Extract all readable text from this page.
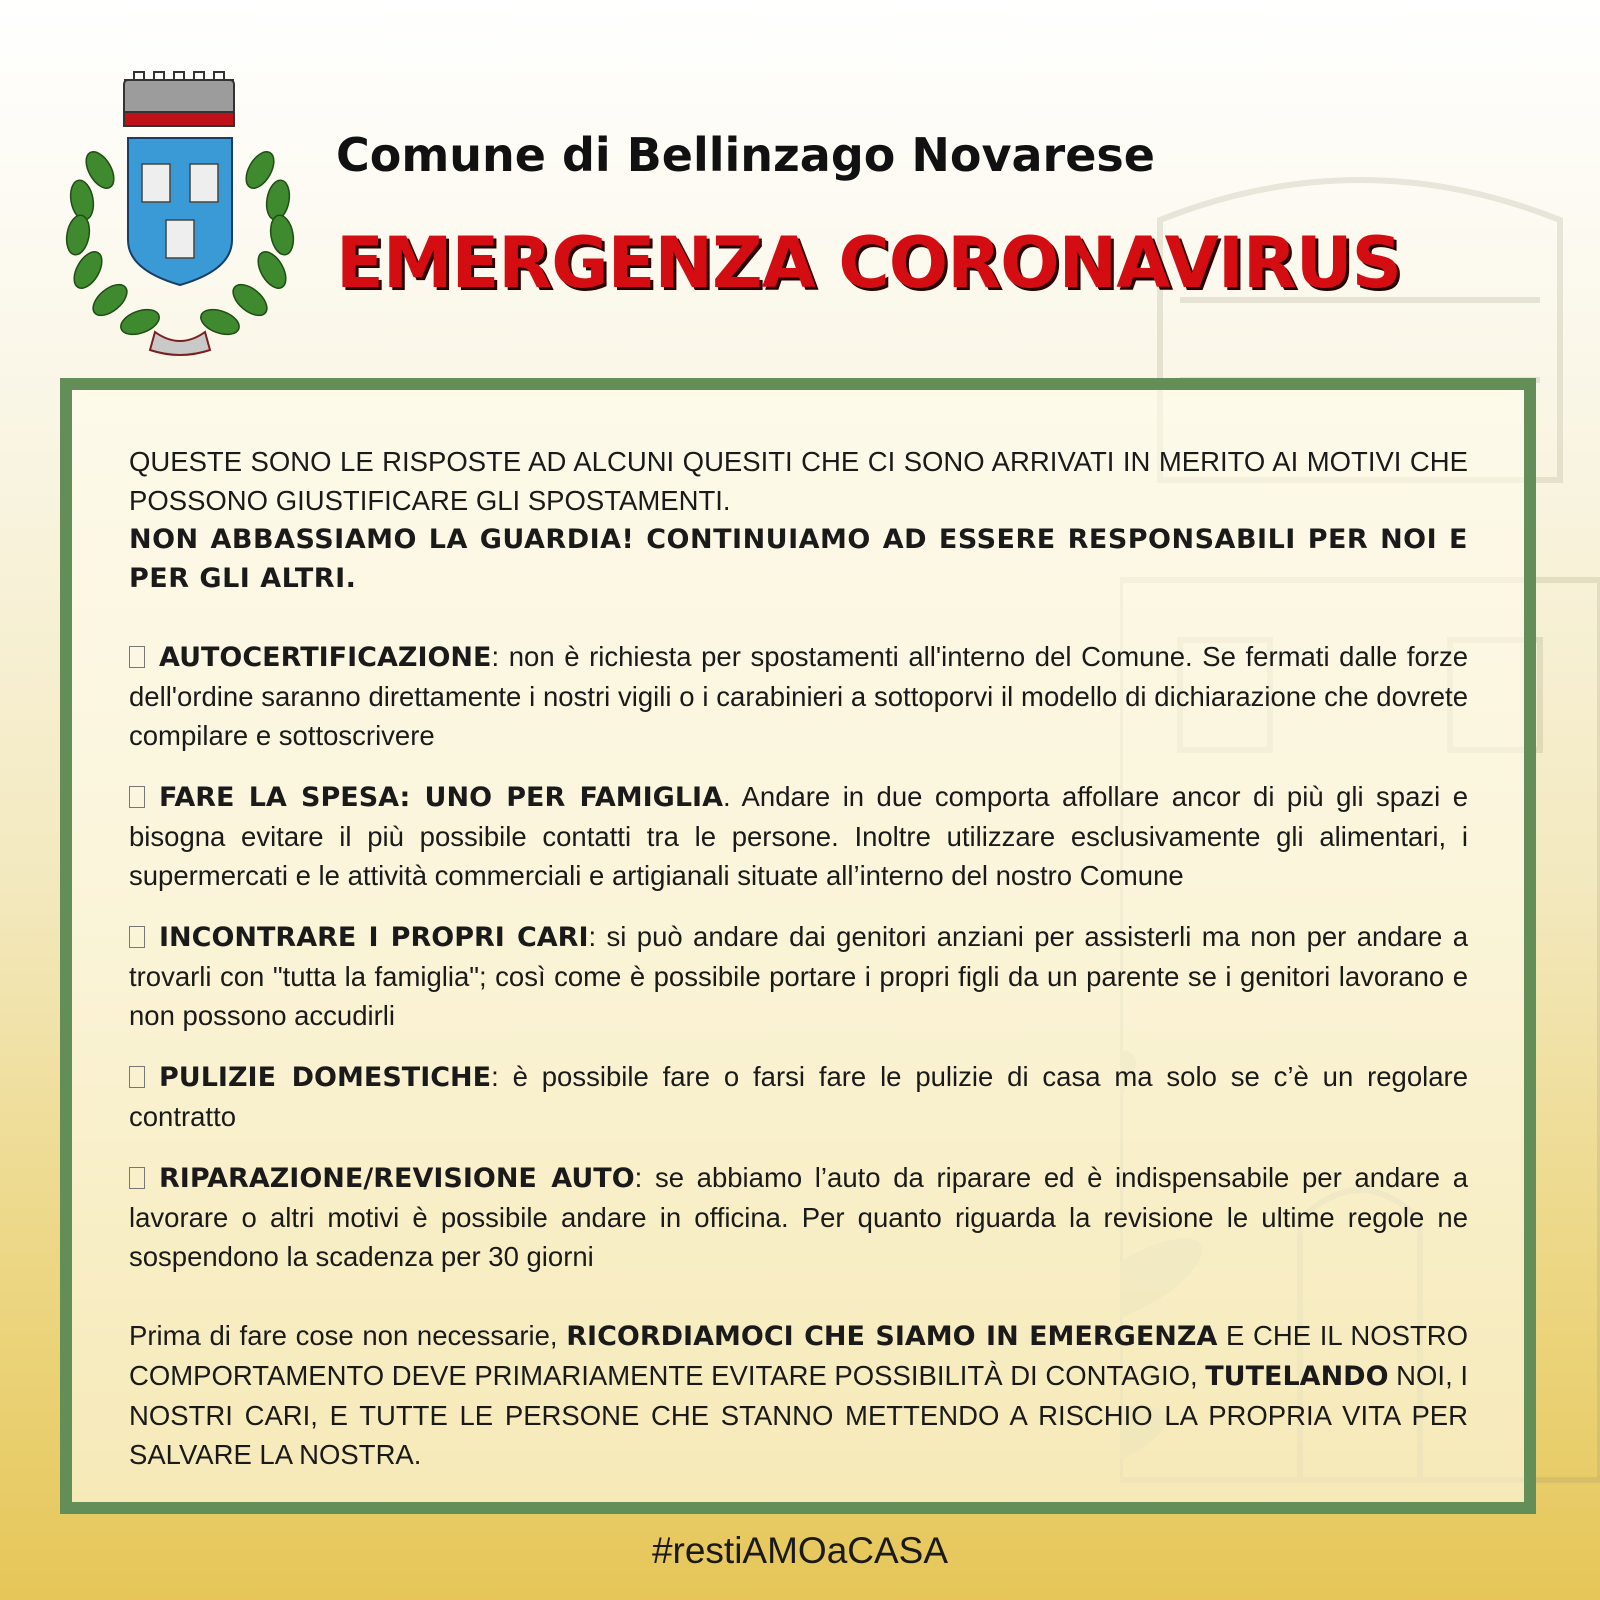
Comune di Bellinzago Novarese
EMERGENZA CORONAVIRUS

QUESTE SONO LE RISPOSTE AD ALCUNI QUESITI CHE CI SONO ARRIVATI IN MERITO AI MOTIVI CHE POSSONO GIUSTIFICARE GLI SPOSTAMENTI.

NON ABBASSIAMO LA GUARDIA! CONTINUIAMO AD ESSERE RESPONSABILI PER NOI E PER GLI ALTRI.

AUTOCERTIFICAZIONE: non è richiesta per spostamenti all'interno del Comune. Se fermati dalle forze dell'ordine saranno direttamente i nostri vigili o i carabinieri a sottoporvi il modello di dichiarazione che dovrete compilare e sottoscrivere

FARE LA SPESA: UNO PER FAMIGLIA. Andare in due comporta affollare ancor di più gli spazi e bisogna evitare il più possibile contatti tra le persone. Inoltre utilizzare esclusivamente gli alimentari, i supermercati e le attività commerciali e artigianali situate all’interno del nostro Comune

INCONTRARE I PROPRI CARI: si può andare dai genitori anziani per assisterli ma non per andare a trovarli con "tutta la famiglia"; così come è possibile portare i propri figli da un parente se i genitori lavorano e non possono accudirli

PULIZIE DOMESTICHE: è possibile fare o farsi fare le pulizie di casa ma solo se c’è un regolare contratto

RIPARAZIONE/REVISIONE AUTO: se abbiamo l’auto da riparare ed è indispensabile per andare a lavorare o altri motivi è possibile andare in officina. Per quanto riguarda la revisione le ultime regole ne sospendono la scadenza per 30 giorni

Prima di fare cose non necessarie, RICORDIAMOCI CHE SIAMO IN EMERGENZA E CHE IL NOSTRO COMPORTAMENTO DEVE PRIMARIAMENTE EVITARE POSSIBILITÀ DI CONTAGIO, TUTELANDO NOI, I NOSTRI CARI, E TUTTE LE PERSONE CHE STANNO METTENDO A RISCHIO LA PROPRIA VITA PER SALVARE LA NOSTRA.

#restiAMOaCASA
